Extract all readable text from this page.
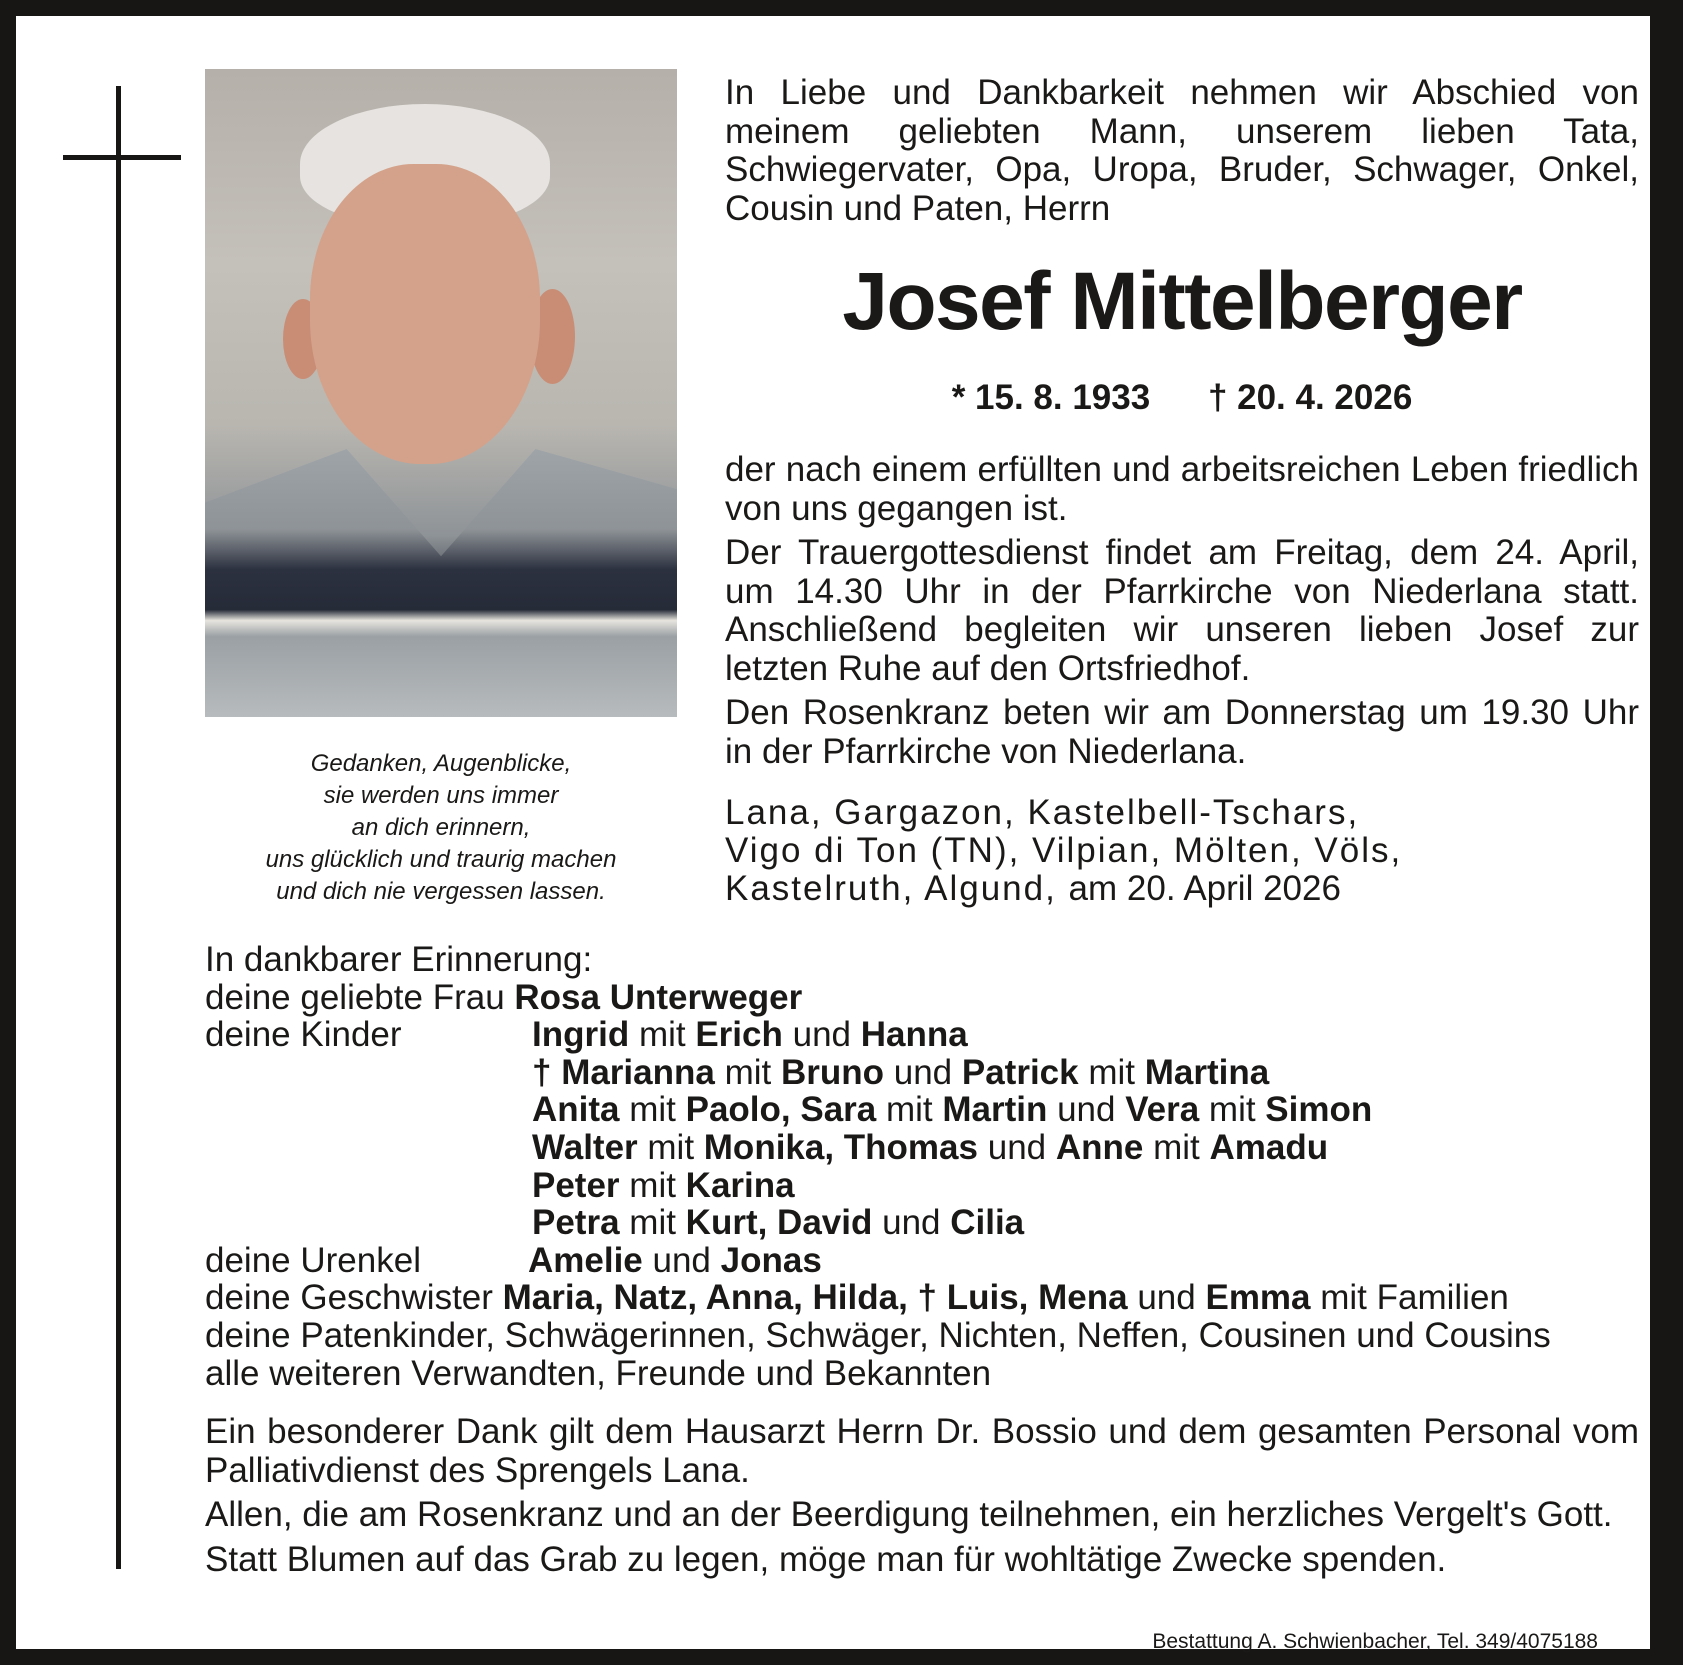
Gedanken, Augenblicke,
sie werden uns immer
an dich erinnern,
uns glücklich und traurig machen
und dich nie vergessen lassen.
In Liebe und Dankbarkeit nehmen wir Abschied von
meinem geliebten Mann, unserem lieben Tata,
Schwiegervater, Opa, Uropa, Bruder, Schwager, Onkel,
Cousin und Paten, Herrn
Josef Mittelberger
* 15. 8. 1933 † 20. 4. 2026

der nach einem erfüllten und arbeitsreichen Leben friedlich von uns gegangen ist.

Der Trauergottesdienst findet am Freitag, dem 24. April, um 14.30 Uhr in der Pfarrkirche von Niederlana statt. Anschließend begleiten wir unseren lieben Josef zur letzten Ruhe auf den Ortsfriedhof.

Den Rosenkranz beten wir am Donnerstag um 19.30 Uhr in der Pfarrkirche von Niederlana.

Lana, Gargazon, Kastelbell-Tschars,
Vigo di Ton (TN), Vilpian, Mölten, Völs,
Kastelruth, Algund, am 20. April 2026
In dankbarer Erinnerung:
deine geliebte Frau
Rosa Unterweger
deine Kinder	Ingrid mit Erich und Hanna
† Marianna mit Bruno und Patrick mit Martina
Anita mit Paolo, Sara mit Martin und Vera mit Simon
Walter mit Monika, Thomas und Anne mit Amadu
Peter mit Karina
Petra mit Kurt, David und Cilia
deine Urenkel	Amelie und Jonas
deine Geschwister
Maria, Natz, Anna, Hilda, † Luis, Mena und Emma mit Familien
deine Patenkinder, Schwägerinnen, Schwäger, Nichten, Neffen, Cousinen und Cousins
alle weiteren Verwandten, Freunde und Bekannten

Ein besonderer Dank gilt dem Hausarzt Herrn Dr. Bossio und dem gesamten Personal vom Palliativdienst des Sprengels Lana.

Allen, die am Rosenkranz und an der Beerdigung teilnehmen, ein herzliches Vergelt's Gott.

Statt Blumen auf das Grab zu legen, möge man für wohltätige Zwecke spenden.

Bestattung A. Schwienbacher, Tel. 349/4075188
